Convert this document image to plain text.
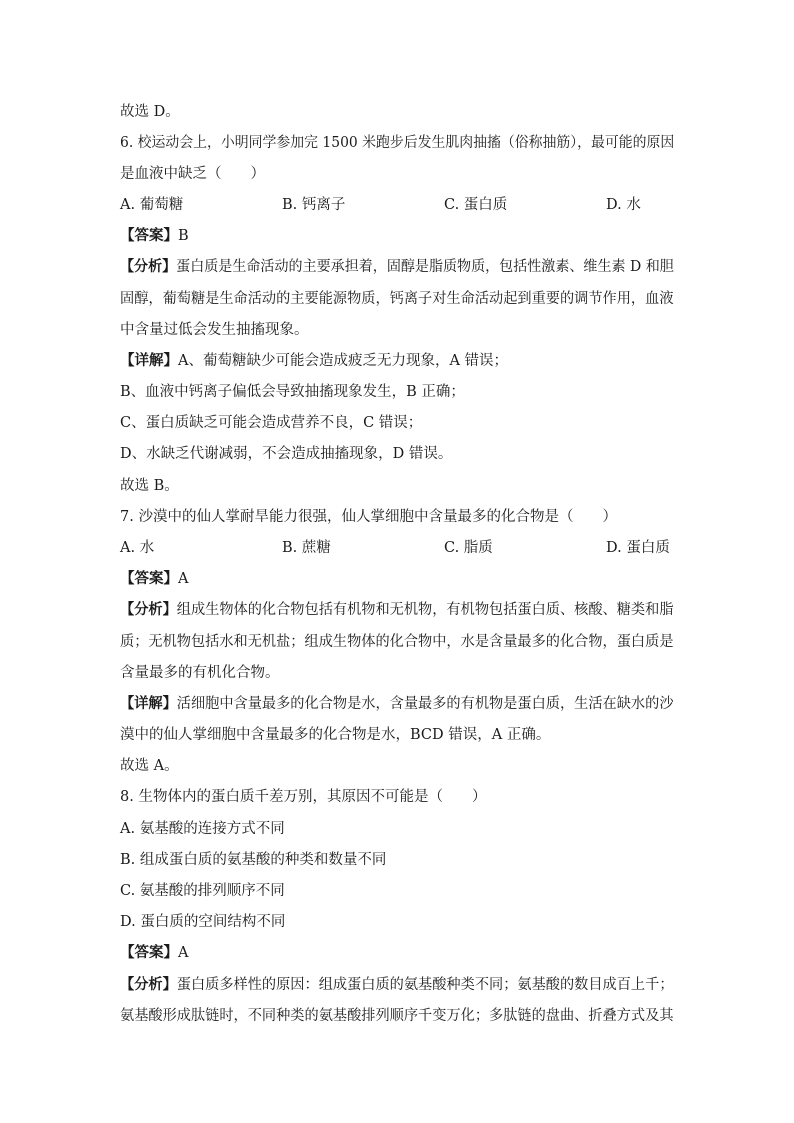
故选 D。
6. 校运动会上，小明同学参加完 1500 米跑步后发生肌肉抽搐（俗称抽筋），最可能的原因
是血液中缺乏（　　）
A. 葡萄糖	B. 钙离子	C. 蛋白质	D. 水
【答案】B
【分析】蛋白质是生命活动的主要承担着，固醇是脂质物质，包括性激素、维生素 D 和胆
固醇，葡萄糖是生命活动的主要能源物质，钙离子对生命活动起到重要的调节作用，血液
中含量过低会发生抽搐现象。
【详解】A、葡萄糖缺少可能会造成疲乏无力现象，A 错误；
B、血液中钙离子偏低会导致抽搐现象发生，B 正确；
C、蛋白质缺乏可能会造成营养不良，C 错误；
D、水缺乏代谢减弱，不会造成抽搐现象，D 错误。
故选 B。
7. 沙漠中的仙人掌耐旱能力很强，仙人掌细胞中含量最多的化合物是（　　）
A. 水	B. 蔗糖	C. 脂质	D. 蛋白质
【答案】A
【分析】组成生物体的化合物包括有机物和无机物，有机物包括蛋白质、核酸、糖类和脂
质；无机物包括水和无机盐；组成生物体的化合物中，水是含量最多的化合物，蛋白质是
含量最多的有机化合物。
【详解】活细胞中含量最多的化合物是水，含量最多的有机物是蛋白质，生活在缺水的沙
漠中的仙人掌细胞中含量最多的化合物是水，BCD 错误，A 正确。
故选 A。
8. 生物体内的蛋白质千差万别，其原因不可能是（　　）
A. 氨基酸的连接方式不同
B. 组成蛋白质的氨基酸的种类和数量不同
C. 氨基酸的排列顺序不同
D. 蛋白质的空间结构不同
【答案】A
【分析】蛋白质多样性的原因：组成蛋白质的氨基酸种类不同；氨基酸的数目成百上千；
氨基酸形成肽链时，不同种类的氨基酸排列顺序千变万化；多肽链的盘曲、折叠方式及其
